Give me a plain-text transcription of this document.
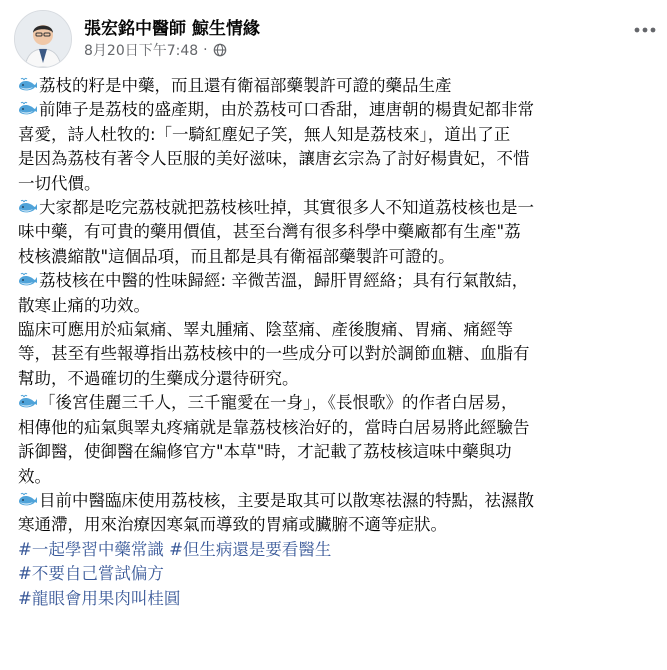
張宏銘中醫師 鯨生情緣
8月20日下午7:48 ·
荔枝的籽是中藥，而且還有衛福部藥製許可證的藥品生產
前陣子是荔枝的盛產期，由於荔枝可口香甜，連唐朝的楊貴妃都非常
喜愛，詩人杜牧的:「一騎紅塵妃子笑，無人知是荔枝來」，道出了正
是因為荔枝有著令人臣服的美好滋味，讓唐玄宗為了討好楊貴妃，不惜
一切代價。
大家都是吃完荔枝就把荔枝核吐掉，其實很多人不知道荔枝核也是一
味中藥，有可貴的藥用價值，甚至台灣有很多科學中藥廠都有生產"荔
枝核濃縮散"這個品項，而且都是具有衛福部藥製許可證的。
荔枝核在中醫的性味歸經: 辛微苦溫，歸肝胃經絡；具有行氣散結，
散寒止痛的功效。
臨床可應用於疝氣痛、睪丸腫痛、陰莖痛、產後腹痛、胃痛、痛經等
等，甚至有些報導指出荔枝核中的一些成分可以對於調節血糖、血脂有
幫助，不過確切的生藥成分還待研究。
「後宮佳麗三千人，三千寵愛在一身」，《長恨歌》的作者白居易，
相傳他的疝氣與睪丸疼痛就是靠荔枝核治好的，當時白居易將此經驗告
訴御醫，使御醫在編修官方"本草"時，才記載了荔枝核這味中藥與功
效。
目前中醫臨床使用荔枝核，主要是取其可以散寒祛濕的特點，祛濕散
寒通滯，用來治療因寒氣而導致的胃痛或臟腑不適等症狀。
#一起學習中藥常識 #但生病還是要看醫生
#不要自己嘗試偏方
#龍眼會用果肉叫桂圓
